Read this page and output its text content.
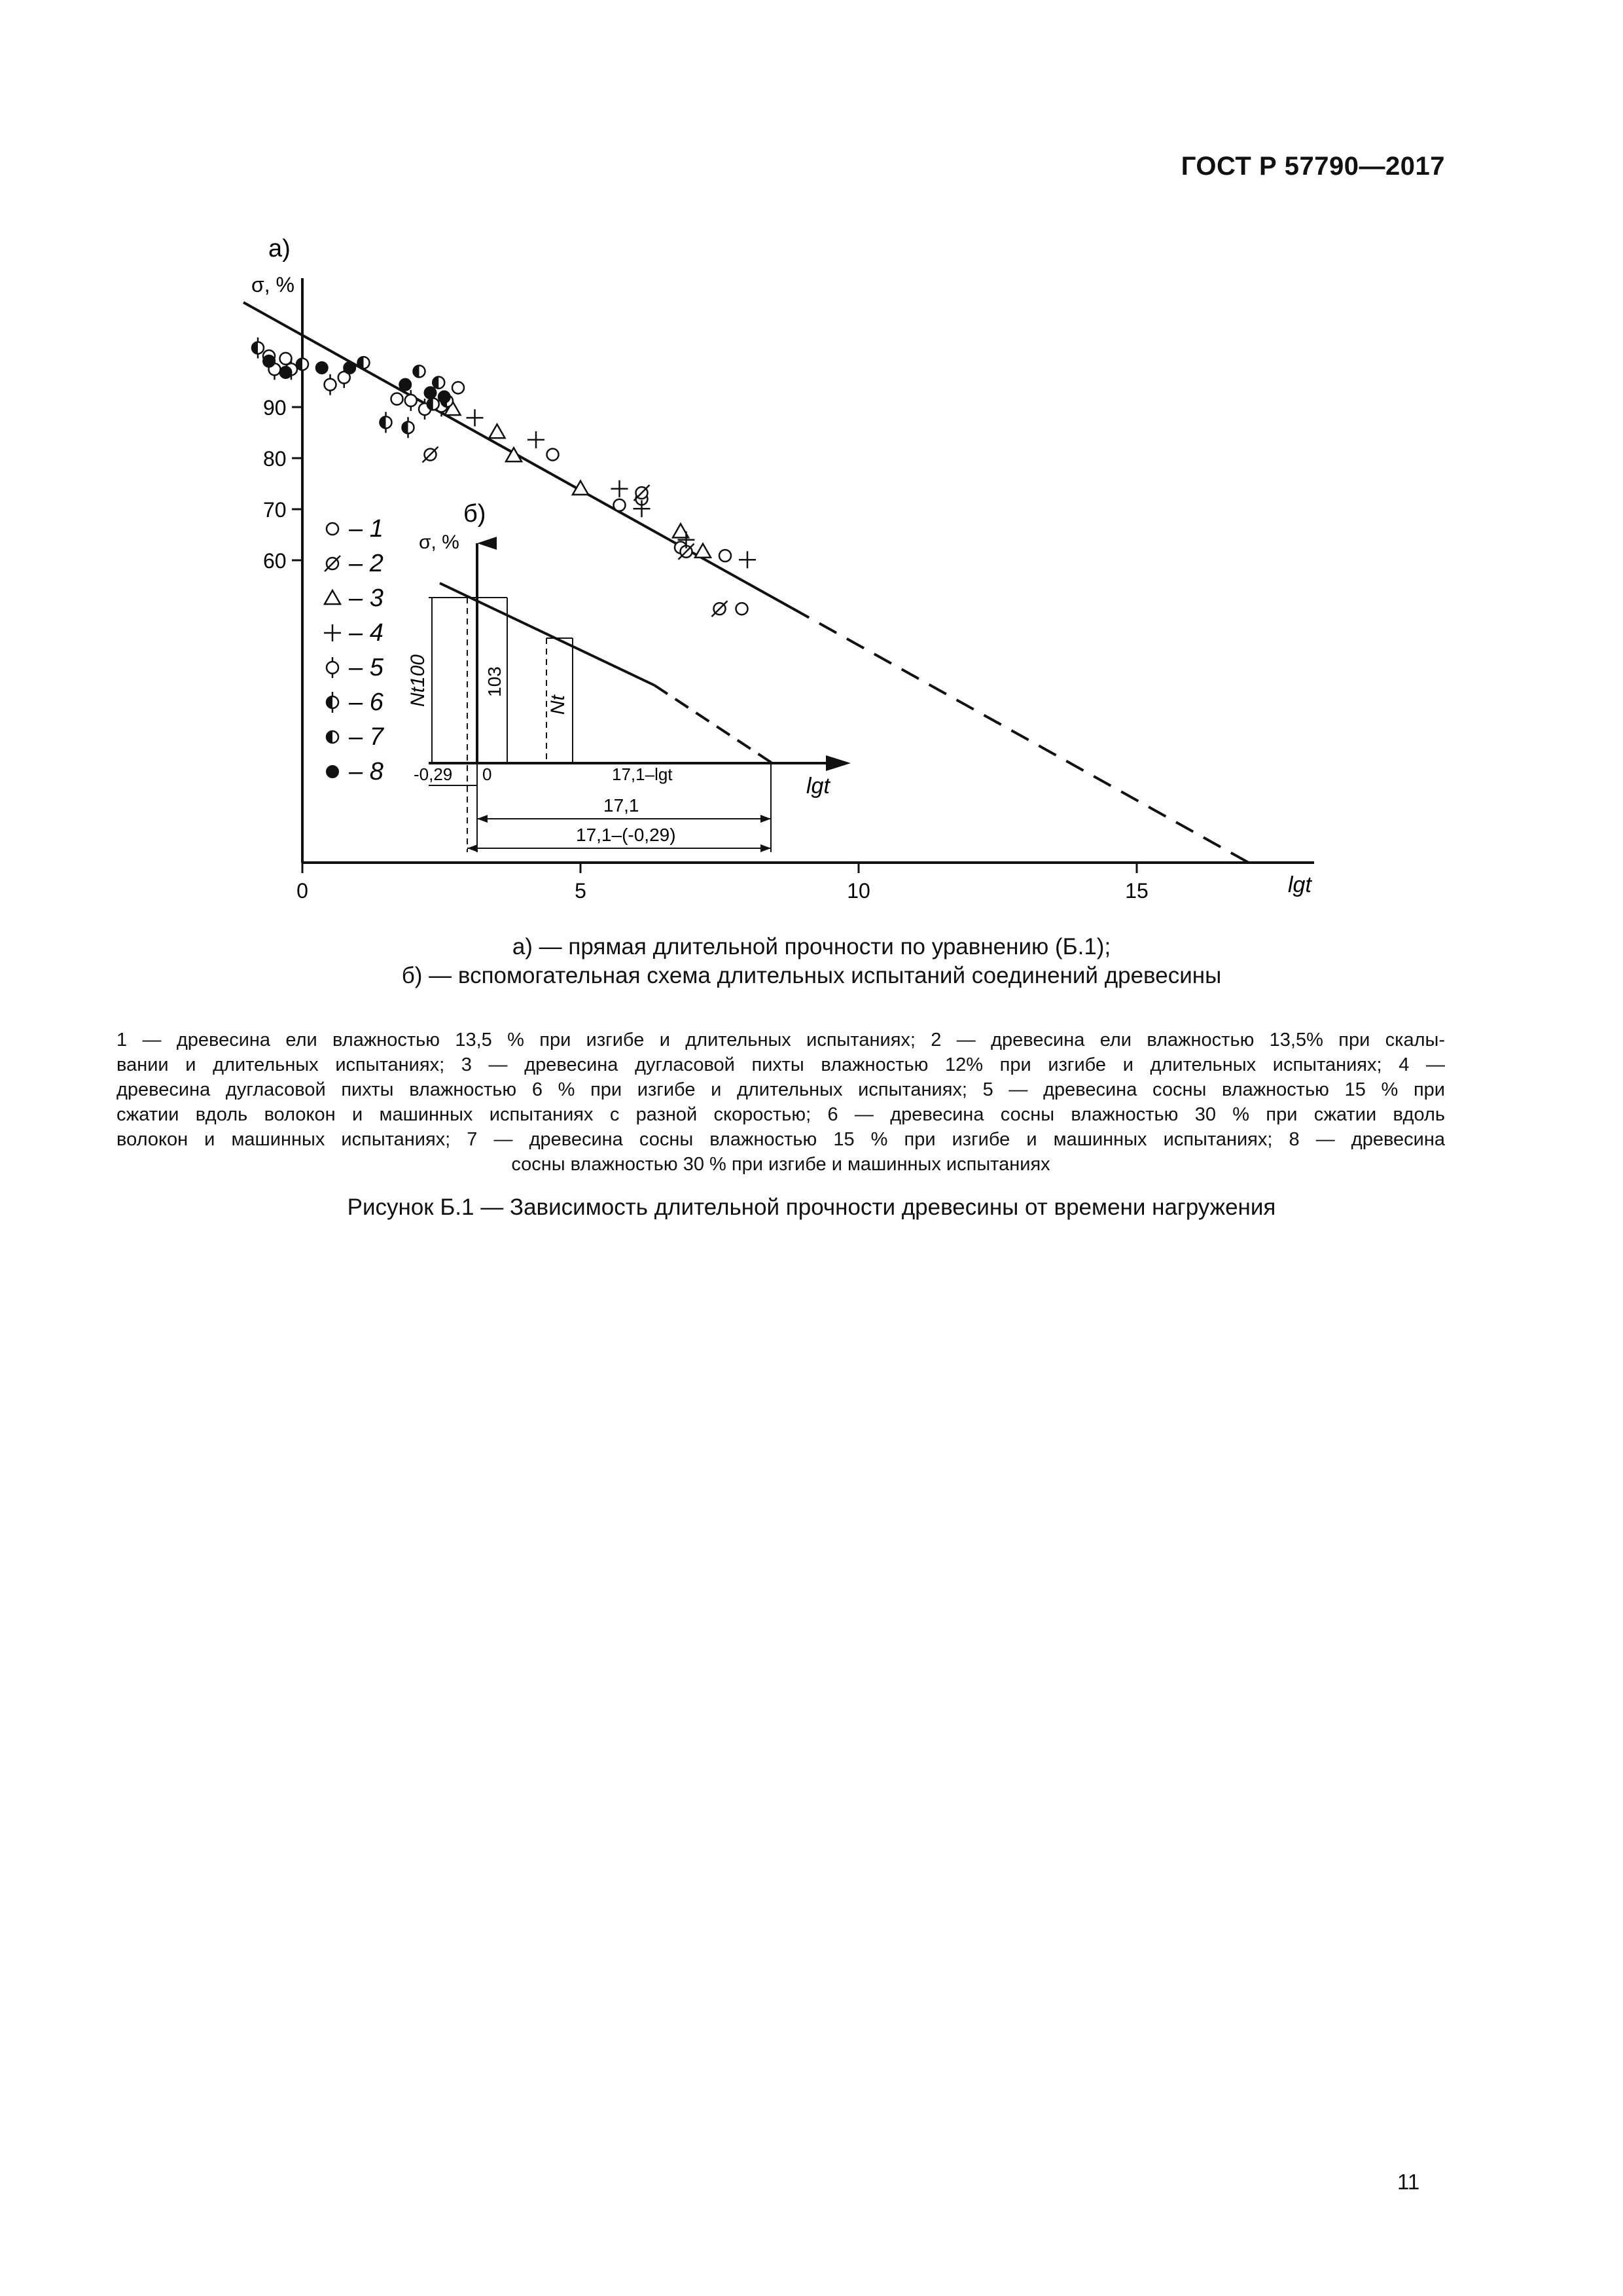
ГОСТ Р 57790—2017
а)
σ, %
90
80
70
60
0	5	10	15	lgt
– 1
– 2
– 3
– 4
– 5
– 6
– 7
– 8
б)
σ, %
lgt
Nt100	103
Nt
-0,29 0	17,1–lgt
17,1
17,1–(-0,29)
а) — прямая длительной прочности по уравнению (Б.1);
б) — вспомогательная схема длительных испытаний соединений древесины
1 — древесина ели влажностью 13,5 % при изгибе и длительных испытаниях; 2 — древесина ели влажностью 13,5% при скалы-
вании и длительных испытаниях; 3 — древесина дугласовой пихты влажностью 12% при изгибе и длительных испытаниях; 4 —
древесина дугласовой пихты влажностью 6 % при изгибе и длительных испытаниях; 5 — древесина сосны влажностью 15 % при
сжатии вдоль волокон и машинных испытаниях с разной скоростью; 6 — древесина сосны влажностью 30 % при сжатии вдоль
волокон и машинных испытаниях; 7 — древесина сосны влажностью 15 % при изгибе и машинных испытаниях; 8 — древесина
сосны влажностью 30 % при изгибе и машинных испытаниях
Рисунок Б.1 — Зависимость длительной прочности древесины от времени нагружения
11
